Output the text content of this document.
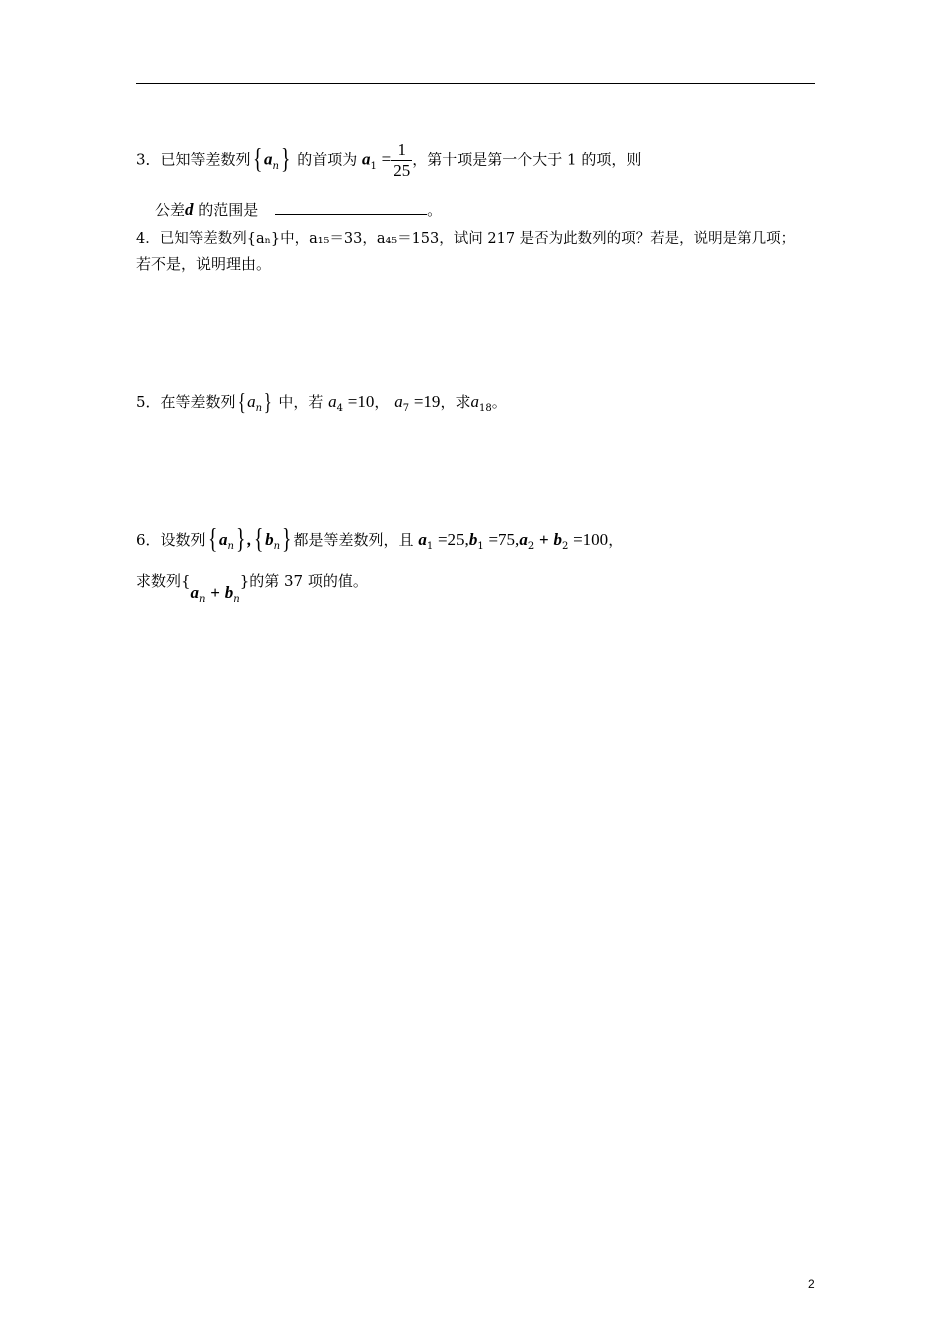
3．已知等差数列{ $a_n$} 的首项为 $a_1 = \frac{1}{25}$ ，第十项是第一个大于 1 的项，则
公差d 的范围是	。
4．已知等差数列{aₙ}中，a₁₅＝33，a₄₅＝153，试问 217 是否为此数列的项？若是，说明是第几项；
若不是，说明理由。
5．在等差数列{ $a_n$} 中，若 $a_4 =10$， $a_7 =19$，求$a_{18}$。
6．设数列{ $a_n$} ,{ $b_n$} 都是等差数列，且 $a_1 =25,b_1 =75,a_2 + b_2 =100$，
求数列$\{a_n + b_n\}$的第 37 项的值。
2
